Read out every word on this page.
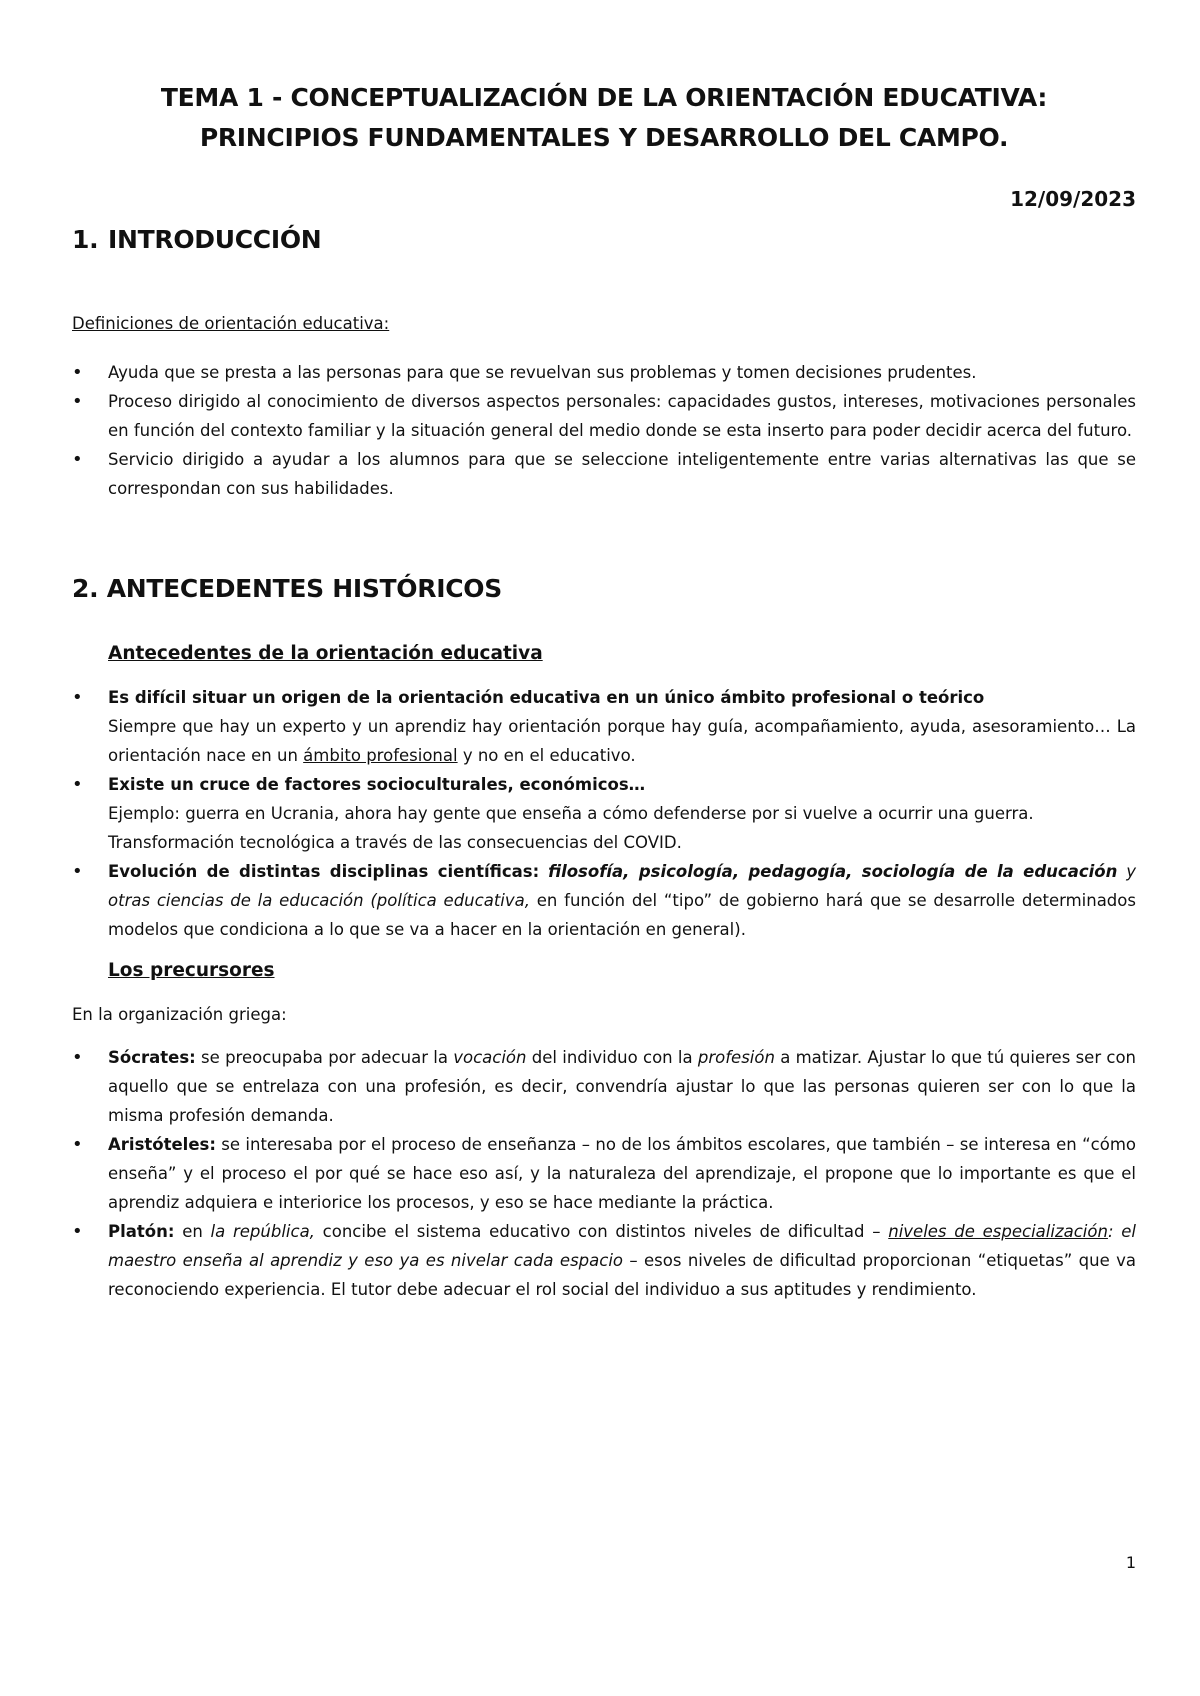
TEMA 1 - CONCEPTUALIZACIÓN DE LA ORIENTACIÓN EDUCATIVA:
PRINCIPIOS FUNDAMENTALES Y DESARROLLO DEL CAMPO.
12/09/2023
1. INTRODUCCIÓN
Definiciones de orientación educativa:
• Ayuda que se presta a las personas para que se revuelvan sus problemas y tomen decisiones prudentes.
• Proceso dirigido al conocimiento de diversos aspectos personales: capacidades gustos, intereses, motivaciones personales en función del contexto familiar y la situación general del medio donde se esta inserto para poder decidir acerca del futuro.
• Servicio dirigido a ayudar a los alumnos para que se seleccione inteligentemente entre varias alternativas las que se correspondan con sus habilidades.
2. ANTECEDENTES HISTÓRICOS
Antecedentes de la orientación educativa
• Es difícil situar un origen de la orientación educativa en un único ámbito profesional o teórico
Siempre que hay un experto y un aprendiz hay orientación porque hay guía, acompañamiento, ayuda, asesoramiento… La orientación nace en un ámbito profesional y no en el educativo.
• Existe un cruce de factores socioculturales, económicos…
Ejemplo: guerra en Ucrania, ahora hay gente que enseña a cómo defenderse por si vuelve a ocurrir una guerra.
Transformación tecnológica a través de las consecuencias del COVID.
• Evolución de distintas disciplinas científicas: filosofía, psicología, pedagogía, sociología de la educación y otras ciencias de la educación (política educativa, en función del “tipo” de gobierno hará que se desarrolle determinados modelos que condiciona a lo que se va a hacer en la orientación en general).
Los precursores
En la organización griega:
• Sócrates: se preocupaba por adecuar la vocación del individuo con la profesión a matizar. Ajustar lo que tú quieres ser con aquello que se entrelaza con una profesión, es decir, convendría ajustar lo que las personas quieren ser con lo que la misma profesión demanda.
• Aristóteles: se interesaba por el proceso de enseñanza – no de los ámbitos escolares, que también – se interesa en “cómo enseña” y el proceso el por qué se hace eso así, y la naturaleza del aprendizaje, el propone que lo importante es que el aprendiz adquiera e interiorice los procesos, y eso se hace mediante la práctica.
• Platón: en la república, concibe el sistema educativo con distintos niveles de dificultad – niveles de especialización: el maestro enseña al aprendiz y eso ya es nivelar cada espacio – esos niveles de dificultad proporcionan “etiquetas” que va reconociendo experiencia. El tutor debe adecuar el rol social del individuo a sus aptitudes y rendimiento.
1
